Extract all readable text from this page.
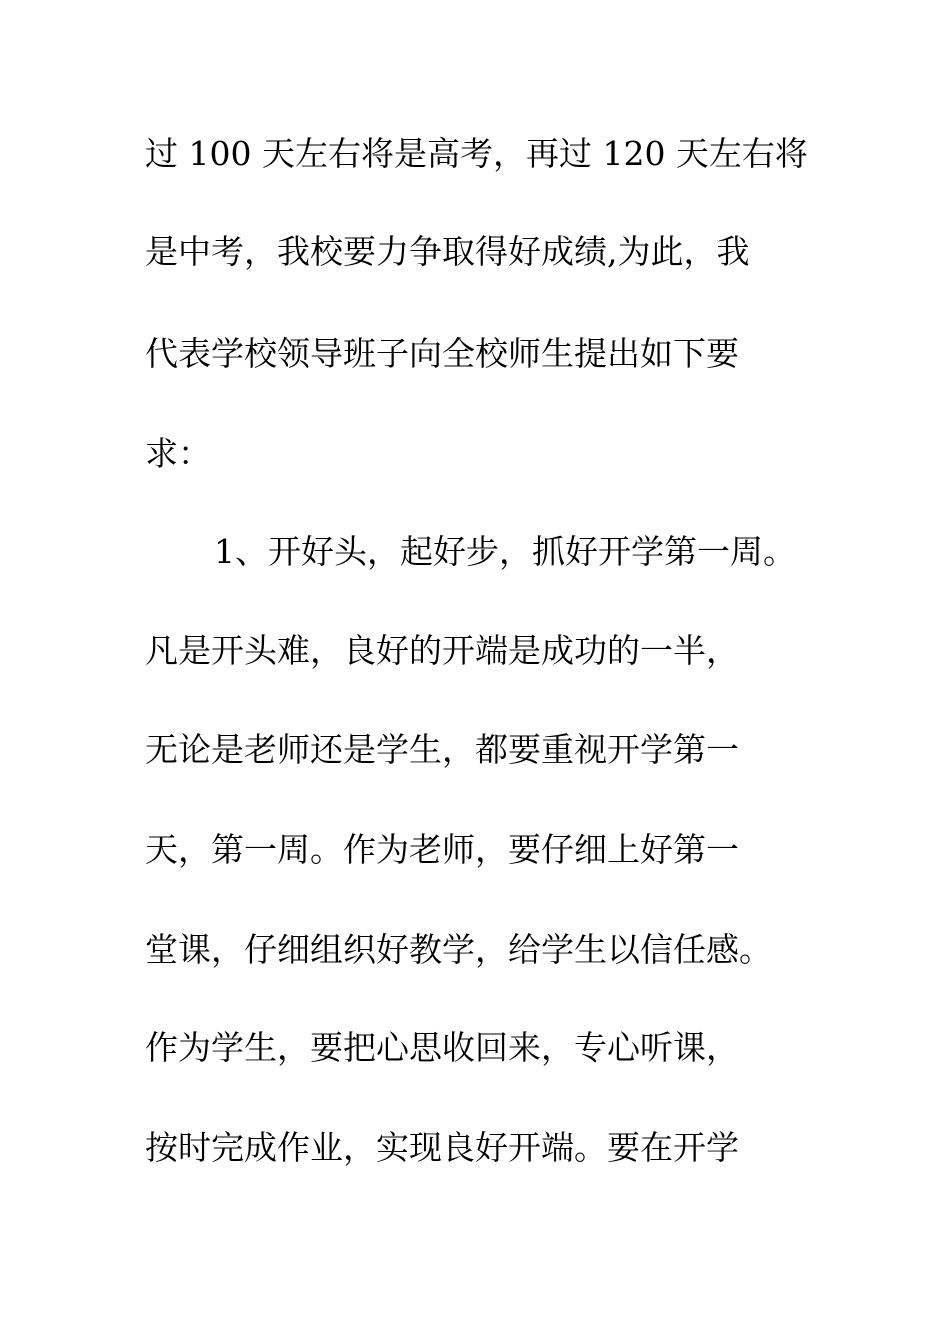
过 100 天左右将是高考，再过 120 天左右将
是中考，我校要力争取得好成绩,为此，我
代表学校领导班子向全校师生提出如下要
求：
1、开好头，起好步，抓好开学第一周。
凡是开头难，良好的开端是成功的一半，
无论是老师还是学生，都要重视开学第一
天，第一周。作为老师，要仔细上好第一
堂课，仔细组织好教学，给学生以信任感。
作为学生，要把心思收回来，专心听课，
按时完成作业，实现良好开端。要在开学
